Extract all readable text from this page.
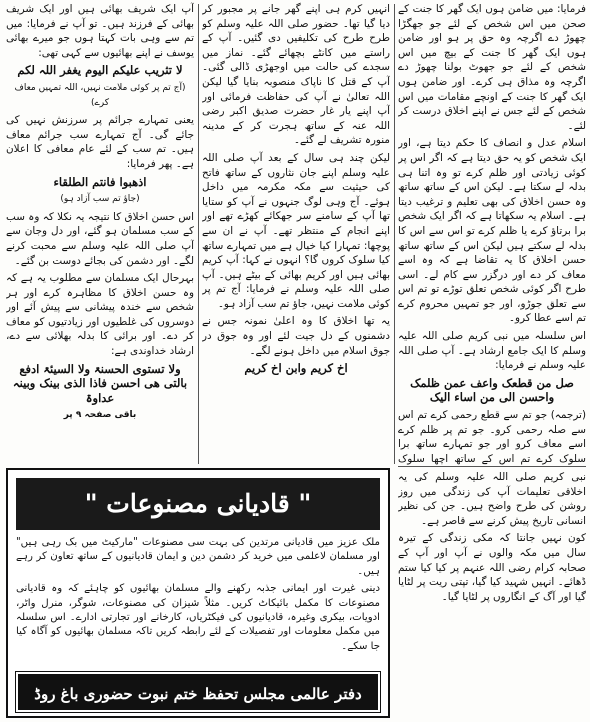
فرمایا: میں ضامن ہوں ایک گھر کا جنت کے صحن میں اس شخص کے لئے جو جھگڑا چھوڑ دے اگرچہ وہ حق پر ہو اور ضامن ہوں ایک گھر کا جنت کے بیچ میں اس شخص کے لئے جو جھوٹ بولنا چھوڑ دے اگرچہ وہ مذاق ہی کرے۔ اور ضامن ہوں ایک گھر کا جنت کے اونچے مقامات میں اس شخص کے لئے جس نے اپنے اخلاق درست کر لئے۔

اسلام عدل و انصاف کا حکم دیتا ہے، اور ایک شخص کو یہ حق دیتا ہے کہ اگر اس پر کوئی زیادتی اور ظلم کرے تو وہ اتنا ہی بدلہ لے سکتا ہے۔ لیکن اس کے ساتھ ساتھ وہ حسن اخلاق کی بھی تعلیم و ترغیب دیتا ہے۔ اسلام یہ سکھاتا ہے کہ اگر ایک شخص برا برتاؤ کرے یا ظلم کرے تو اس سے اس کا بدلہ لے سکتے ہیں لیکن اس کے ساتھ ساتھ حسن اخلاق کا یہ تقاضا ہے کہ وہ اسے معاف کر دے اور درگزر سے کام لے۔ اسی طرح اگر کوئی شخص تعلق توڑے تو تم اس سے تعلق جوڑو، اور جو تمہیں محروم کرے تم اسے عطا کرو۔

اس سلسلہ میں نبی کریم صلی اللہ علیہ وسلم کا ایک جامع ارشاد ہے۔ آپ صلی اللہ علیہ وسلم نے فرمایا:

صل من قطعک واعف عمن ظلمک واحسن الی من اساء الیک

(ترجمہ) جو تم سے قطع رحمی کرے تم اس سے صلہ رحمی کرو۔ جو تم پر ظلم کرے اسے معاف کرو اور جو تمہارے ساتھ برا سلوک کرے تم اس کے ساتھ اچھا سلوک

انہیں کرم ہی اپنے گھر جانے پر مجبور کر دیا گیا تھا۔ حضور صلی اللہ علیہ وسلم کو طرح طرح کی تکلیفیں دی گئیں۔ آپ کے راستے میں کانٹے بچھائے گئے۔ نماز میں سجدے کی حالت میں اوجھڑی ڈالی گئی۔ آپ کے قتل کا ناپاک منصوبہ بنایا گیا لیکن اللہ تعالیٰ نے آپ کی حفاظت فرمائی اور آپ اپنے یار غار حضرت صدیق اکبر رضی اللہ عنہ کے ساتھ ہجرت کر کے مدینہ منورہ تشریف لے گئے۔

لیکن چند ہی سال کے بعد آپ صلی اللہ علیہ وسلم اپنے جان نثاروں کے ساتھ فاتح کی حیثیت سے مکہ مکرمہ میں داخل ہوئے۔ آج وہی لوگ جنہوں نے آپ کو ستایا تھا آپ کے سامنے سر جھکائے کھڑے تھے اور اپنے انجام کے منتظر تھے۔ آپ نے ان سے پوچھا: تمہارا کیا خیال ہے میں تمہارے ساتھ کیا سلوک کروں گا؟ انہوں نے کہا: آپ کریم بھائی ہیں اور کریم بھائی کے بیٹے ہیں۔ آپ صلی اللہ علیہ وسلم نے فرمایا: آج تم پر کوئی ملامت نہیں، جاؤ تم سب آزاد ہو۔

یہ تھا اخلاق کا وہ اعلیٰ نمونہ جس نے دشمنوں کے دل جیت لئے اور وہ جوق در جوق اسلام میں داخل ہونے لگے۔

اخ کریم وابن اخ کریم

آپ ایک شریف بھائی ہیں اور ایک شریف بھائی کے فرزند ہیں۔ تو آپ نے فرمایا: میں تم سے وہی بات کہتا ہوں جو میرے بھائی یوسف نے اپنے بھائیوں سے کہی تھی:

لا تثریب علیکم الیوم یغفر اللہ لکم
(آج تم پر کوئی ملامت نہیں، اللہ تمہیں معاف کرے)

یعنی تمہارے جرائم پر سرزنش نہیں کی جائے گی۔ آج تمہارے سب جرائم معاف ہیں۔ تم سب کے لئے عام معافی کا اعلان ہے۔ پھر فرمایا:

اذھبوا فانتم الطلقاء
(جاؤ تم سب آزاد ہو)

اس حسن اخلاق کا نتیجہ یہ نکلا کہ وہ سب کے سب مسلمان ہو گئے، اور دل وجان سے آپ صلی اللہ علیہ وسلم سے محبت کرنے لگے۔ اور دشمن کی بجائے دوست بن گئے۔

بہرحال ایک مسلمان سے مطلوب یہ ہے کہ وہ حسن اخلاق کا مظاہرہ کرے اور ہر شخص سے خندہ پیشانی سے پیش آئے اور دوسروں کی غلطیوں اور زیادتیوں کو معاف کر دے۔ اور برائی کا بدلہ بھلائی سے دے، ارشاد خداوندی ہے:

ولا تستوی الحسنۃ ولا السیئۃ ادفع بالتی ھی احسن فاذا الذی بینک وبینہ عداوۃ
باقی صفحہ ۹ پر
" قادیانی مصنوعات "

ملک عزیز میں قادیانی مرتدین کی بہت سی مصنوعات "مارکیٹ میں بک رہی ہیں" اور مسلمان لاعلمی میں خرید کر دشمن دین و ایمان قادیانیوں کے ساتھ تعاون کر رہے ہیں۔

دینی غیرت اور ایمانی جذبہ رکھنے والے مسلمان بھائیوں کو چاہئے کہ وہ قادیانی مصنوعات کا مکمل بائیکاٹ کریں۔ مثلاً شیزان کی مصنوعات، شوگر، منرل واٹر، ادویات، بیکری وغیرہ، قادیانیوں کی فیکٹریاں، کارخانے اور تجارتی ادارے۔ اس سلسلہ میں مکمل معلومات اور تفصیلات کے لئے رابطہ کریں تاکہ مسلمان بھائیوں کو آگاہ کیا جا سکے۔

دفتر عالمی مجلس تحفظ ختم نبوت حضوری باغ روڈ

نبی کریم صلی اللہ علیہ وسلم کی یہ اخلاقی تعلیمات آپ کی زندگی میں روز روشن کی طرح واضح ہیں۔ جن کی نظیر انسانی تاریخ پیش کرنے سے قاصر ہے۔

کون نہیں جانتا کہ مکی زندگی کے تیرہ سال میں مکہ والوں نے آپ اور آپ کے صحابہ کرام رضی اللہ عنہم پر کیا کیا ستم ڈھائے۔ انہیں شہید کیا گیا، تپتی ریت پر لٹایا گیا اور آگ کے انگاروں پر لٹایا گیا۔
